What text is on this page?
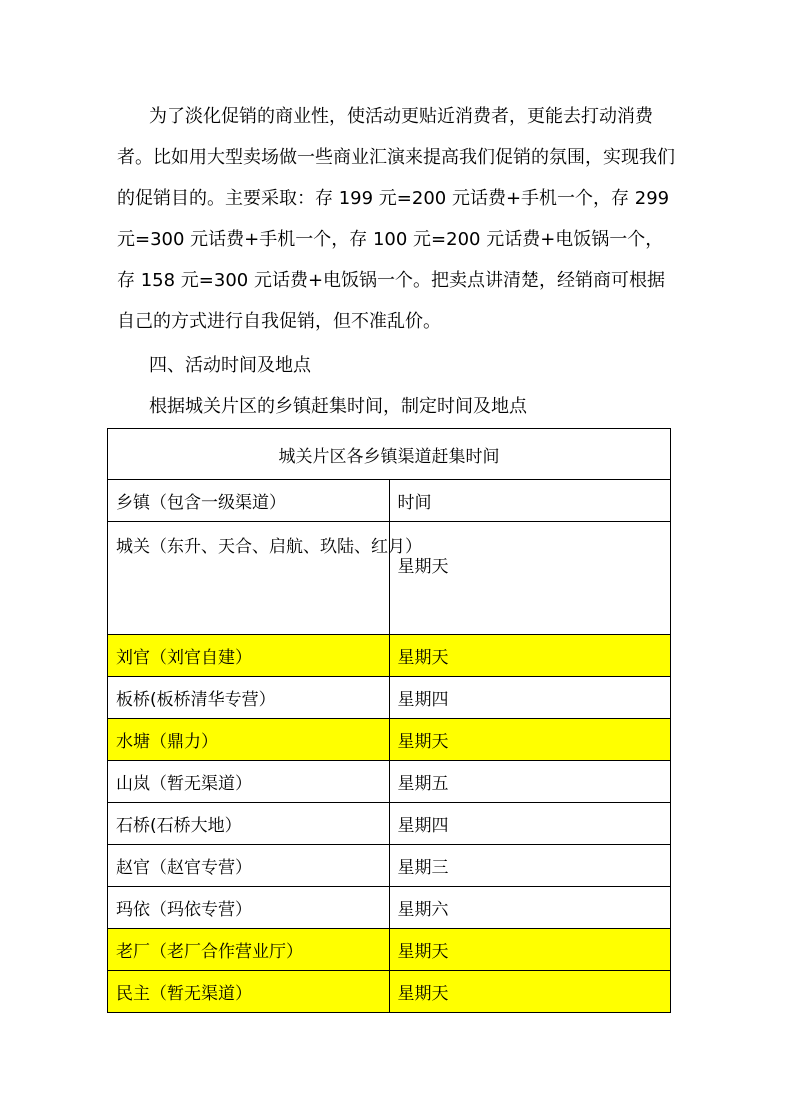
为了淡化促销的商业性，使活动更贴近消费者，更能去打动消费者。比如用大型卖场做一些商业汇演来提高我们促销的氛围，实现我们的促销目的。主要采取：存 199 元=200 元话费+手机一个，存 299 元=300 元话费+手机一个，存 100 元=200 元话费+电饭锅一个，存 158 元=300 元话费+电饭锅一个。把卖点讲清楚，经销商可根据自己的方式进行自我促销，但不准乱价。

四、活动时间及地点

根据城关片区的乡镇赶集时间，制定时间及地点

城关片区各乡镇渠道赶集时间	
乡镇（包含一级渠道）	时间
城关（东升、天合、启航、玖陆、红月）	星期天
刘官（刘官自建）	星期天
板桥(板桥清华专营）	星期四
水塘（鼎力）	星期天
山岚（暂无渠道）	星期五
石桥(石桥大地）	星期四
赵官（赵官专营）	星期三
玛依（玛依专营）	星期六
老厂（老厂合作营业厅）	星期天
民主（暂无渠道）	星期天
